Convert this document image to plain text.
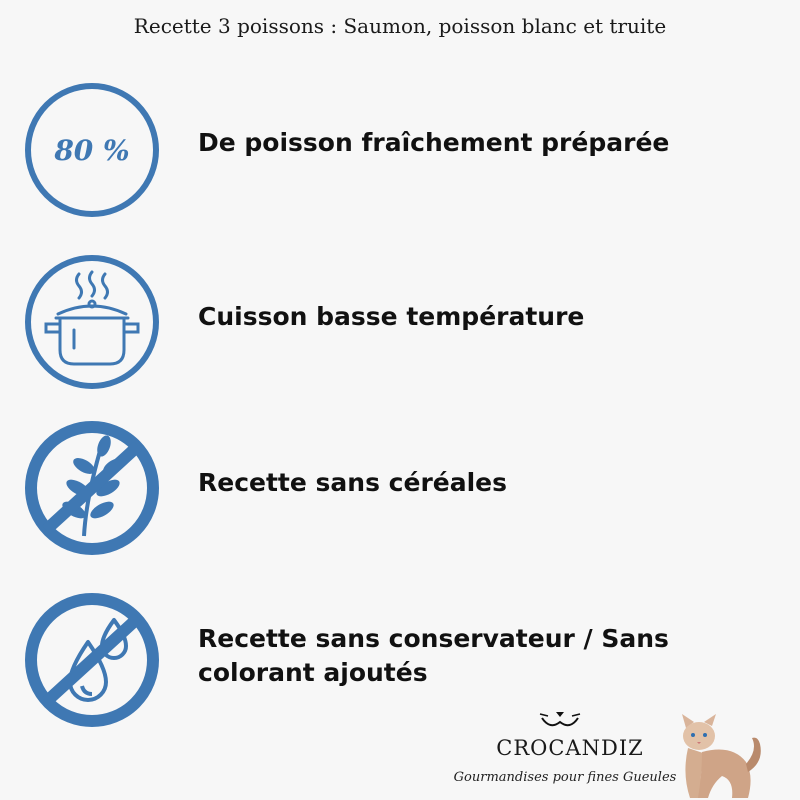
Recette 3 poissons : Saumon, poisson blanc et truite
80 %	De poisson fraîchement préparée
Cuisson basse température
Recette sans céréales
Recette sans conservateur / Sans colorant ajoutés
CROCANDIZ
Gourmandises pour fines Gueules
